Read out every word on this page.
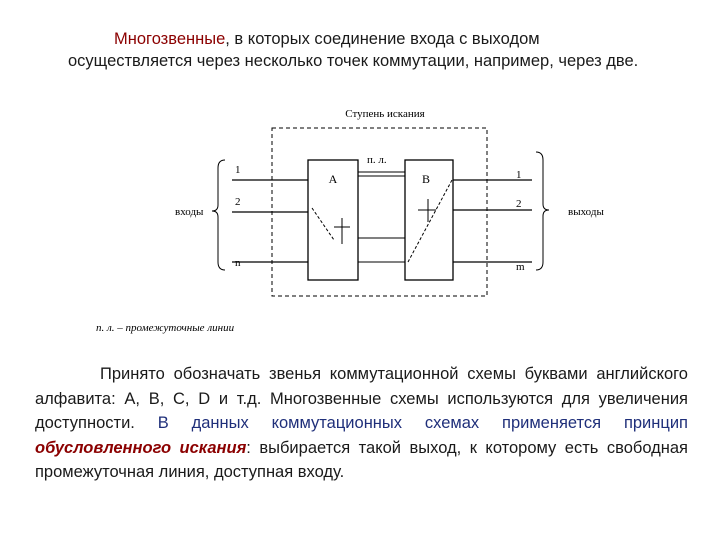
Многозвенные, в которых соединение входа с выходом осуществляется через несколько точек коммутации, например, через две.
Ступень искания
входы
1
2
n
A
п. л.
B	1
2
m
выходы
п. л. – промежуточные линии
Принято обозначать звенья коммутационной схемы буквами английского алфавита: А, В, С, D и т.д. Многозвенные схемы используются для увеличения доступности. В данных коммутационных схемах применяется принцип обусловленного искания: выбирается такой выход, к которому есть свободная промежуточная линия, доступная входу.
